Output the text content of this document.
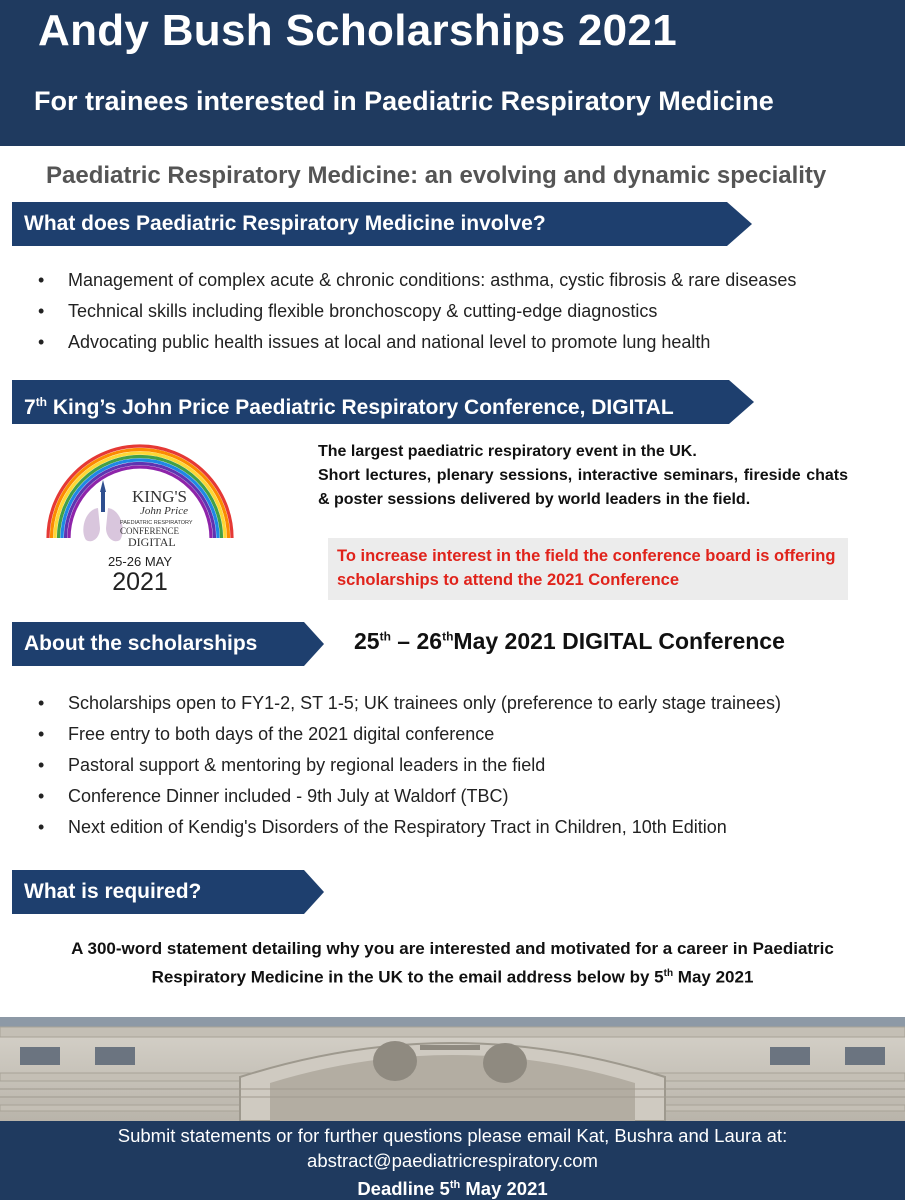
Andy Bush Scholarships 2021
For trainees interested in Paediatric Respiratory Medicine
Paediatric Respiratory Medicine: an evolving and dynamic speciality
What does Paediatric Respiratory Medicine involve?
• Management of complex acute & chronic conditions: asthma, cystic fibrosis & rare diseases
• Technical skills including flexible bronchoscopy & cutting-edge diagnostics
• Advocating public health issues at local and national level to promote lung health
7th King’s John Price Paediatric Respiratory Conference, DIGITAL
KING'S
John Price
PAEDIATRIC RESPIRATORY
CONFERENCE
DIGITAL
25-26 MAY
2021
The largest paediatric respiratory event in the UK.
Short lectures, plenary sessions, interactive seminars, fireside chats & poster sessions delivered by world leaders in the field.
To increase interest in the field the conference board is offering scholarships to attend the 2021 Conference
About the scholarships	25th – 26thMay 2021 DIGITAL Conference
• Scholarships open to FY1-2, ST 1-5; UK trainees only (preference to early stage trainees)
• Free entry to both days of the 2021 digital conference
• Pastoral support & mentoring by regional leaders in the field
• Conference Dinner included - 9th July at Waldorf (TBC)
• Next edition of Kendig's Disorders of the Respiratory Tract in Children, 10th Edition
What is required?
A 300-word statement detailing why you are interested and motivated for a career in Paediatric Respiratory Medicine in the UK to the email address below by 5th May 2021
Submit statements or for further questions please email Kat, Bushra and Laura at:
abstract@paediatricrespiratory.com
Deadline 5th May 2021
